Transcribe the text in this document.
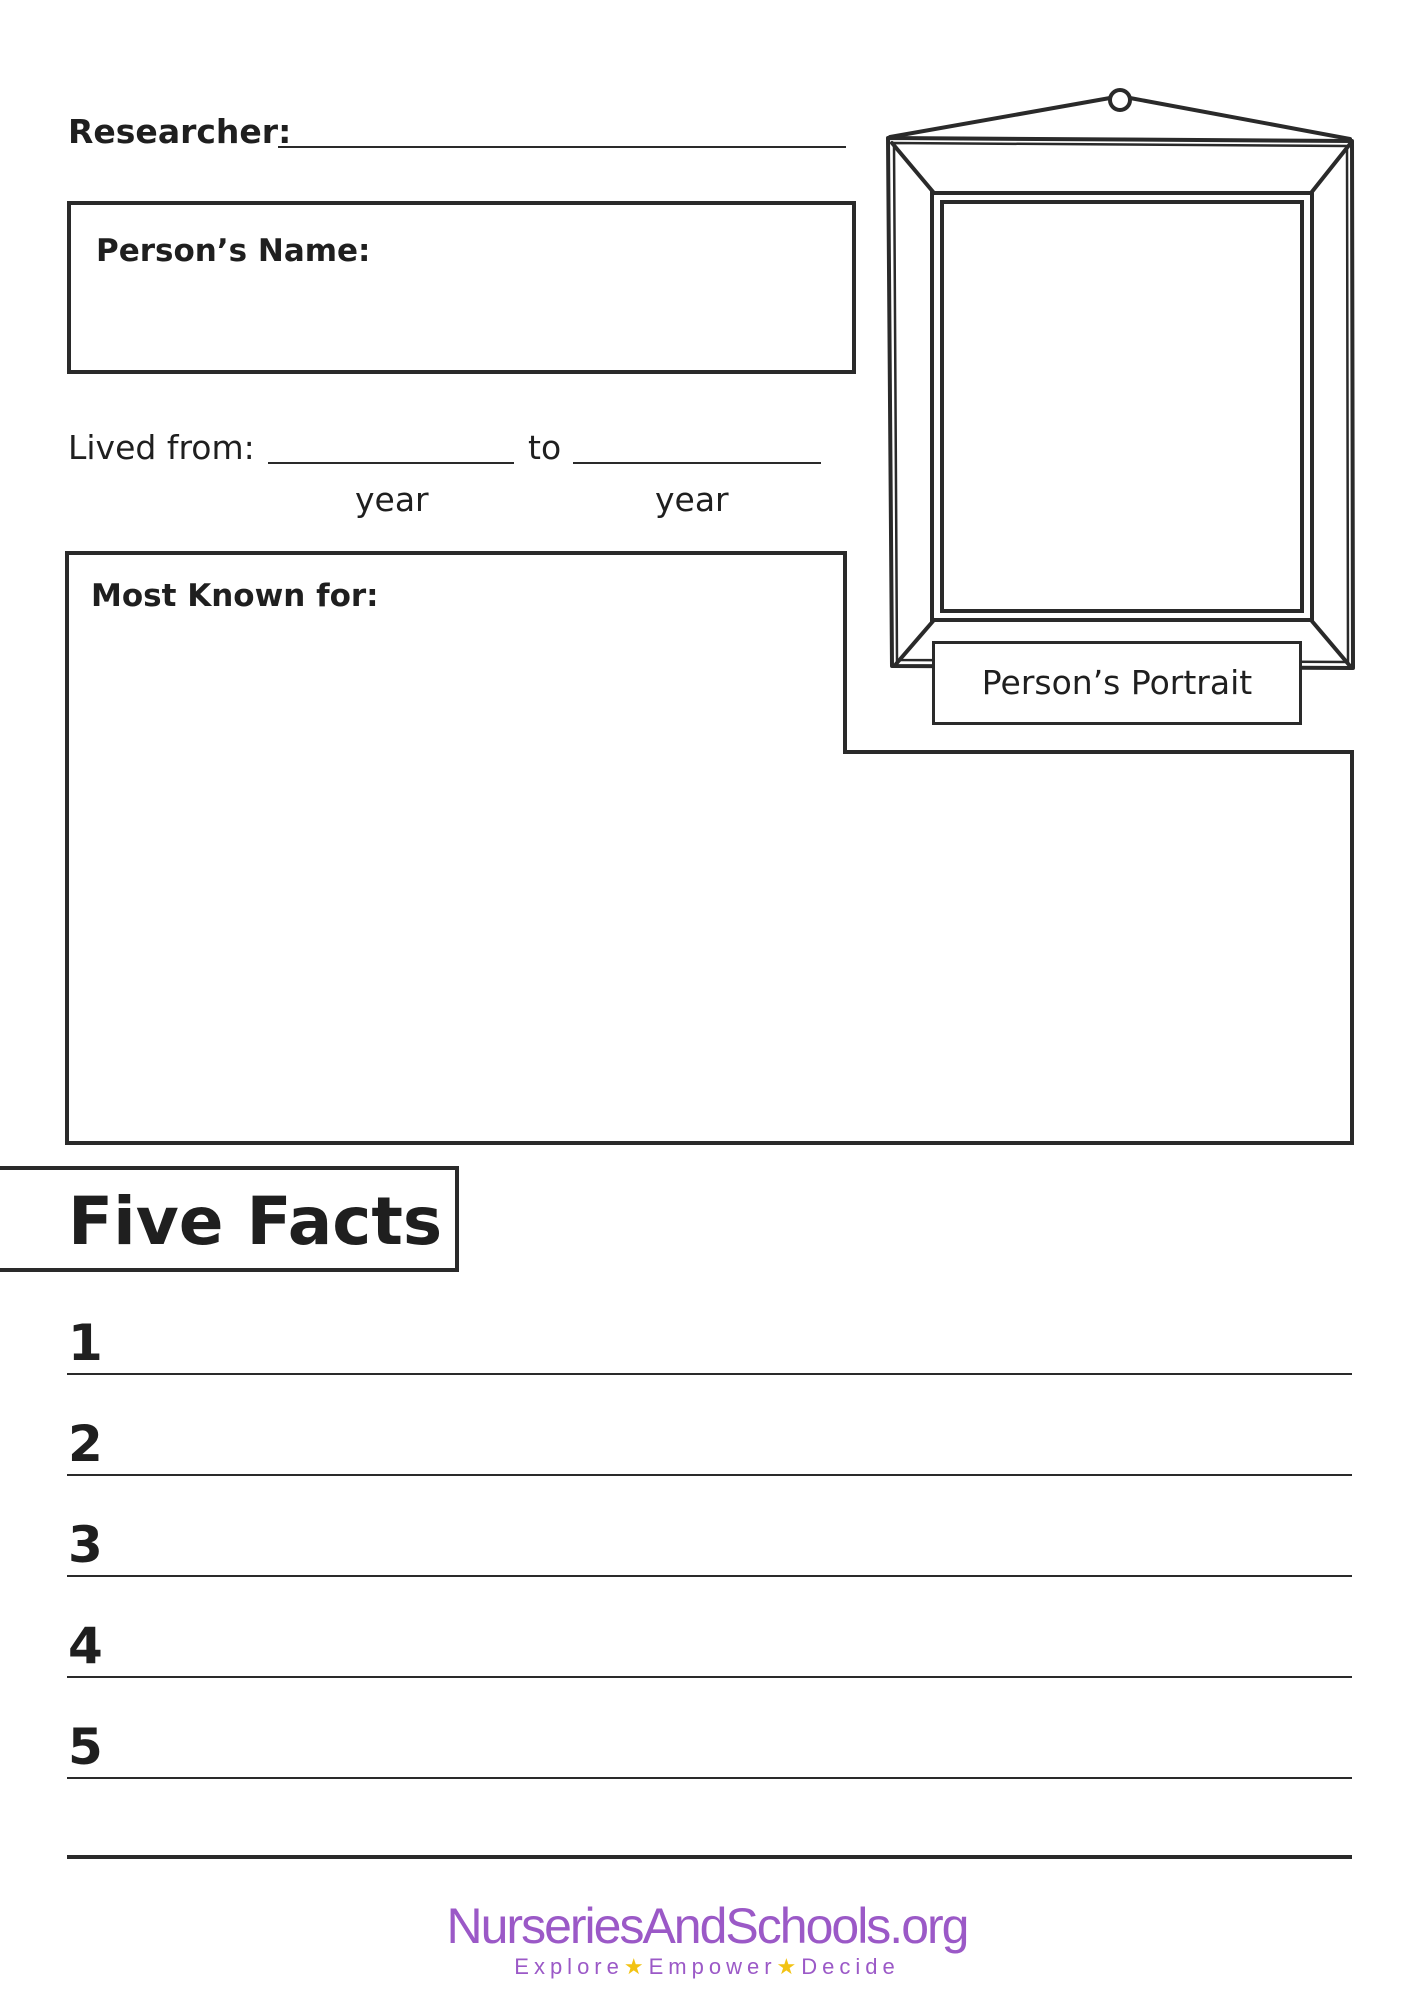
Researcher:
Person’s Name:
Lived from:	to
year	year
Most Known for:
Person’s Portrait
Five Facts
1
2
3
4
5
NurseriesAndSchools.org
Explore★Empower★Decide
